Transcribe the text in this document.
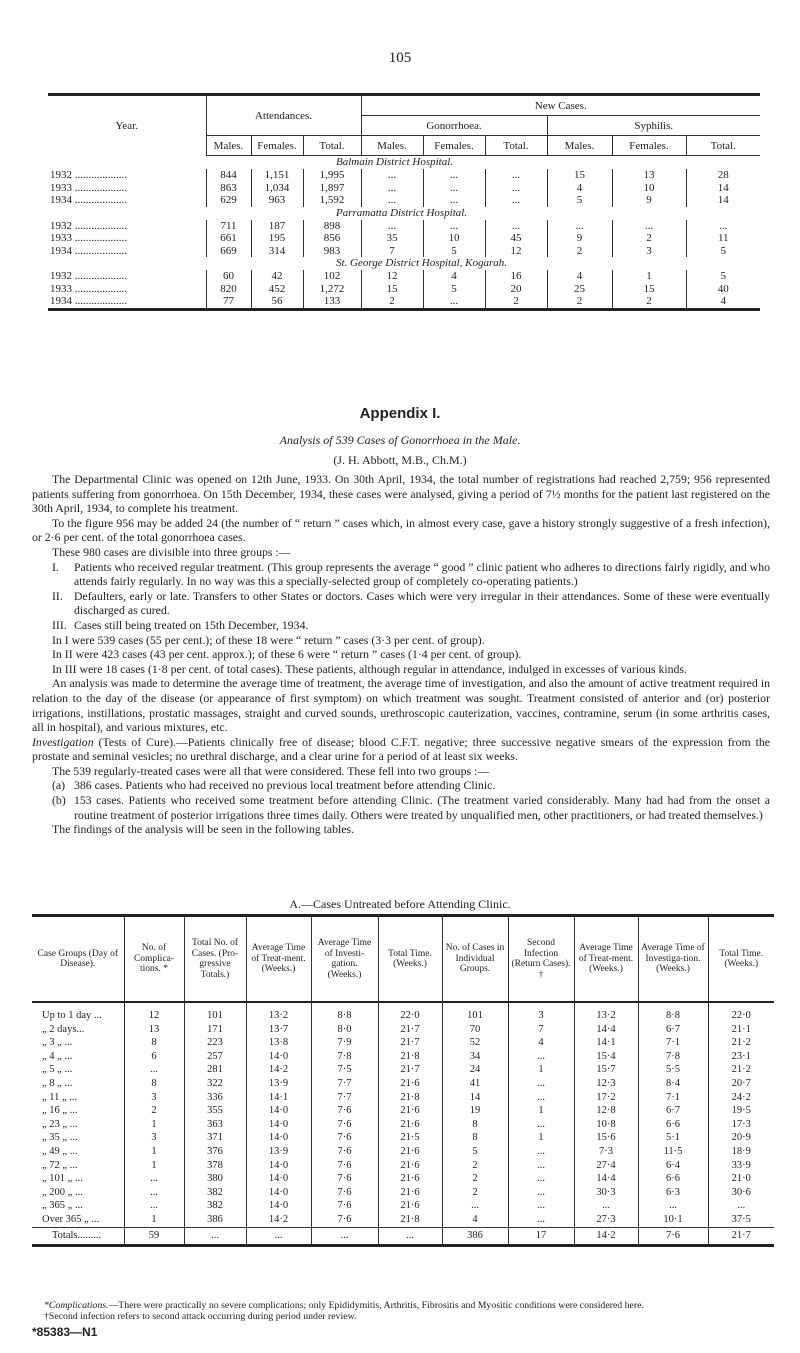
105
Year.	Attendances.			New Cases.					
				Gonorrhoea.			Syphilis.		
	Males.	Females.	Total.	Males.	Females.	Total.	Males.	Females.	Total.
	Balmain District Hospital.								
1932 ...................	844	1,151	1,995	...	...	...	15	13	28
1933 ...................	863	1,034	1,897	...	...	...	4	10	14
1934 ...................	629	963	1,592	...	...	...	5	9	14
	Parramatta District Hospital.								
1932 ...................	711	187	898	...	...	...	...	...	...
1933 ...................	661	195	856	35	10	45	9	2	11
1934 ...................	669	314	983	7	5	12	2	3	5
	St. George District Hospital, Kogarah.								
1932 ...................	60	42	102	12	4	16	4	1	5
1933 ...................	820	452	1,272	15	5	20	25	15	40
1934 ...................	77	56	133	2	...	2	2	2	4
Appendix I.
Analysis of 539 Cases of Gonorrhoea in the Male.
(J. H. Abbott, M.B., Ch.M.)

The Departmental Clinic was opened on 12th June, 1933. On 30th April, 1934, the total number of registrations had reached 2,759; 956 represented patients suffering from gonorrhoea. On 15th December, 1934, these cases were analysed, giving a period of 7½ months for the patient last registered on the 30th April, 1934, to complete his treatment.

To the figure 956 may be added 24 (the number of “ return ” cases which, in almost every case, gave a history strongly suggestive of a fresh infection), or 2·6 per cent. of the total gonorrhoea cases.

These 980 cases are divisible into three groups :—

I. Patients who received regular treatment. (This group represents the average “ good ” clinic patient who adheres to directions fairly rigidly, and who attends fairly regularly. In no way was this a specially-selected group of completely co-operating patients.)

II. Defaulters, early or late. Transfers to other States or doctors. Cases which were very irregular in their attendances. Some of these were eventually discharged as cured.

III. Cases still being treated on 15th December, 1934.

In I were 539 cases (55 per cent.); of these 18 were “ return ” cases (3·3 per cent. of group).

In II were 423 cases (43 per cent. approx.); of these 6 were “ return ” cases (1·4 per cent. of group).

In III were 18 cases (1·8 per cent. of total cases). These patients, although regular in attendance, indulged in excesses of various kinds.

An analysis was made to determine the average time of treatment, the average time of investigation, and also the amount of active treatment required in relation to the day of the disease (or appearance of first symptom) on which treatment was sought. Treatment consisted of anterior and (or) posterior irrigations, instillations, prostatic massages, straight and curved sounds, urethroscopic cauterization, vaccines, contramine, serum (in some arthritis cases, all in hospital), and various mixtures, etc.

Investigation (Tests of Cure).—Patients clinically free of disease; blood C.F.T. negative; three successive negative smears of the expression from the prostate and seminal vesicles; no urethral discharge, and a clear urine for a period of at least six weeks.

The 539 regularly-treated cases were all that were considered. These fell into two groups :—

(a) 386 cases. Patients who had received no previous local treatment before attending Clinic.

(b) 153 cases. Patients who received some treatment before attending Clinic. (The treatment varied considerably. Many had had from the onset a routine treatment of posterior irrigations three times daily. Others were treated by unqualified men, other practitioners, or had treated themselves.)

The findings of the analysis will be seen in the following tables.

A.—Cases Untreated before Attending Clinic.
Case Groups (Day of Disease).	No. of Complica-tions. *	Total No. of Cases. (Pro-gressive Totals.)	Average Time of Treat-ment. (Weeks.)	Average Time of Investi-gation. (Weeks.)	Total Time. (Weeks.)	No. of Cases in Individual Groups.	Second Infection (Return Cases). †	Average Time of Treat-ment. (Weeks.)	Average Time of Investiga-tion. (Weeks.)	Total Time. (Weeks.)
Up to 1 day ...	12	101	13·2	8·8	22·0	101	3	13·2	8·8	22·0
„ 2 days...	13	171	13·7	8·0	21·7	70	7	14·4	6·7	21·1
„ 3 „ ...	8	223	13·8	7·9	21·7	52	4	14·1	7·1	21·2
„ 4 „ ...	6	257	14·0	7·8	21·8	34	...	15·4	7·8	23·1
„ 5 „ ...	...	281	14·2	7·5	21·7	24	1	15·7	5·5	21·2
„ 8 „ ...	8	322	13·9	7·7	21·6	41	...	12·3	8·4	20·7
„ 11 „ ...	3	336	14·1	7·7	21·8	14	...	17·2	7·1	24·2
„ 16 „ ...	2	355	14·0	7·6	21·6	19	1	12·8	6·7	19·5
„ 23 „ ...	1	363	14·0	7·6	21·6	8	...	10·8	6·6	17·3
„ 35 „ ...	3	371	14·0	7·6	21·5	8	1	15·6	5·1	20·9
„ 49 „ ...	1	376	13·9	7·6	21·6	5	...	7·3	11·5	18·9
„ 72 „ ...	1	378	14·0	7·6	21·6	2	...	27·4	6·4	33·9
„ 101 „ ...	...	380	14·0	7·6	21·6	2	...	14·4	6·6	21·0
„ 200 „ ...	...	382	14·0	7·6	21·6	2	...	30·3	6·3	30·6
„ 365 „ ...	...	382	14·0	7·6	21·6	...	...	...	...	...
Over 365 „ ...	1	386	14·2	7·6	21·8	4	...	27·3	10·1	37·5
Totals.........	59	...	...	...	...	386	17	14·2	7·6	21·7

*Complications.—There were practically no severe complications; only Epididymitis, Arthritis, Fibrositis and Myositic conditions were considered here.

†Second infection refers to second attack occurring during period under review.

*85383—N1
